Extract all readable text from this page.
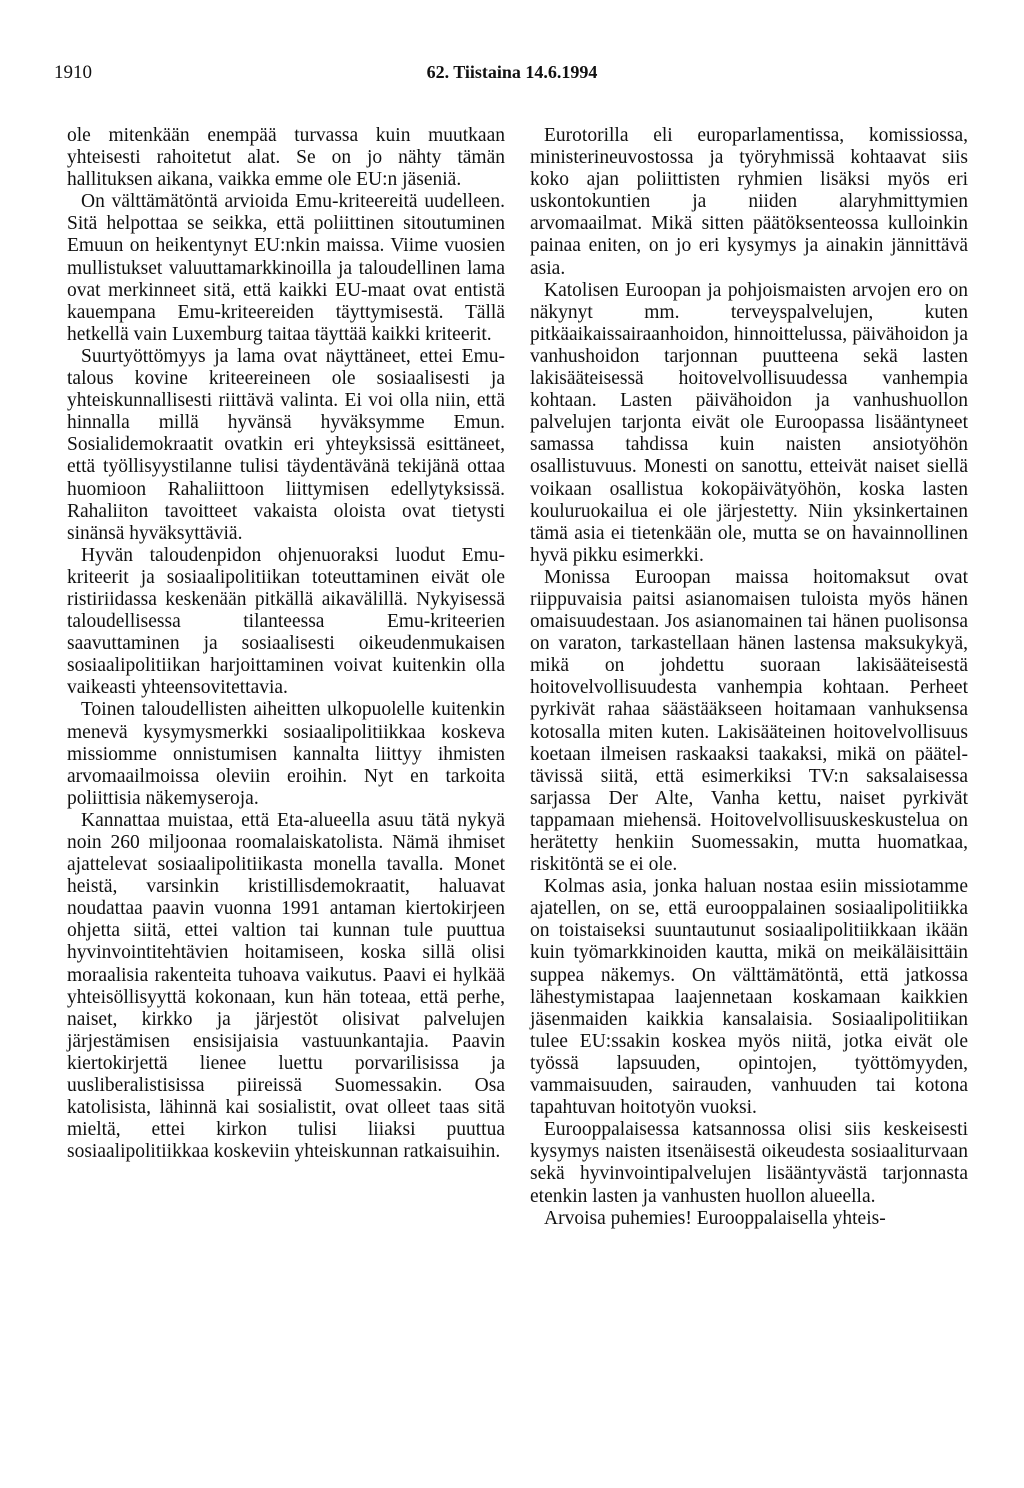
1910	62. Tiistaina 14.6.1994

ole mitenkään enempää turvassa kuin muutkaan yhteisesti rahoitetut alat. Se on jo nähty tämän hallituksen aikana, vaikka emme ole EU:n jäseniä.

On välttämätöntä arvioida Emu-kriteereitä uudelleen. Sitä helpottaa se seikka, että poliittinen sitoutuminen Emuun on heikentynyt EU:nkin maissa. Viime vuosien mullistukset valuuttamarkkinoilla ja taloudellinen lama ovat merkinneet sitä, että kaikki EU-maat ovat entistä kauempana Emu-kriteereiden täyttymisestä. Tällä hetkellä vain Luxemburg taitaa täyttää kaikki kriteerit.

Suurtyöttömyys ja lama ovat näyttäneet, ettei Emu-talous kovine kriteereineen ole sosiaalisesti ja yhteiskunnallisesti riittävä valinta. Ei voi olla niin, että hinnalla millä hyvänsä hyväksymme Emun. Sosialidemokraatit ovatkin eri yhteyksissä esittäneet, että työllisyystilanne tulisi täydentävänä tekijänä ottaa huomioon Rahaliittoon liittymisen edellytyksissä. Rahaliiton tavoitteet vakaista oloista ovat tietysti sinänsä hyväksyttäviä.

Hyvän taloudenpidon ohjenuoraksi luodut Emu-kriteerit ja sosiaalipolitiikan toteuttaminen eivät ole ristiriidassa keskenään pitkällä aikavälillä. Nykyisessä taloudellisessa tilanteessa Emu-kriteerien saavuttaminen ja sosiaalisesti oikeudenmukaisen sosiaalipolitiikan harjoittaminen voivat kuitenkin olla vaikeasti yhteensovitettavia.

Toinen taloudellisten aiheitten ulkopuolelle kuitenkin menevä kysymysmerkki sosiaalipolitiikkaa koskeva missiomme onnistumisen kannalta liittyy ihmisten arvomaailmoissa oleviin eroihin. Nyt en tarkoita poliittisia näkemyseroja.

Kannattaa muistaa, että Eta-alueella asuu tätä nykyä noin 260 miljoonaa roomalaiskatolista. Nämä ihmiset ajattelevat sosiaalipolitiikasta monella tavalla. Monet heistä, varsinkin kristillisdemokraatit, haluavat noudattaa paavin vuonna 1991 antaman kiertokirjeen ohjetta siitä, ettei valtion tai kunnan tule puuttua hyvinvointitehtävien hoitamiseen, koska sillä olisi moraalisia rakenteita tuhoava vaikutus. Paavi ei hylkää yhteisöllisyyttä kokonaan, kun hän toteaa, että perhe, naiset, kirkko ja järjestöt olisivat palvelujen järjestämisen ensisijaisia vastuunkantajia. Paavin kiertokirjettä lienee luettu porvarilisissa ja uusliberalistisissa piireissä Suomessakin. Osa katolisista, lähinnä kai sosialistit, ovat olleet taas sitä mieltä, ettei kirkon tulisi liiaksi puuttua sosiaalipolitiikkaa koskeviin yhteiskunnan ratkaisuihin.

Eurotorilla eli europarlamentissa, komissiossa, ministerineuvostossa ja työryhmissä kohtaavat siis koko ajan poliittisten ryhmien lisäksi myös eri uskontokuntien ja niiden alaryhmittymien arvomaailmat. Mikä sitten päätöksenteossa kulloinkin painaa eniten, on jo eri kysymys ja ainakin jännittävä asia.

Katolisen Euroopan ja pohjoismaisten arvojen ero on näkynyt mm. terveyspalvelujen, kuten pitkäaikaissairaanhoidon, hinnoittelussa, päivähoidon ja vanhushoidon tarjonnan puutteena sekä lasten lakisääteisessä hoitovelvollisuudessa vanhempia kohtaan. Lasten päivähoidon ja vanhushuollon palvelujen tarjonta eivät ole Euroopassa lisääntyneet samassa tahdissa kuin naisten ansiotyöhön osallistuvuus. Monesti on sanottu, etteivät naiset siellä voikaan osallistua kokopäivätyöhön, koska lasten kouluruokailua ei ole järjestetty. Niin yksinkertainen tämä asia ei tietenkään ole, mutta se on havainnollinen hyvä pikku esimerkki.

Monissa Euroopan maissa hoitomaksut ovat riippuvaisia paitsi asianomaisen tuloista myös hänen omaisuudestaan. Jos asianomainen tai hänen puolisonsa on varaton, tarkastellaan hänen lastensa maksukykyä, mikä on johdettu suoraan lakisääteisestä hoitovelvollisuudesta vanhempia kohtaan. Perheet pyrkivät rahaa säästääkseen hoitamaan vanhuksensa kotosalla miten kuten. Lakisääteinen hoitovelvollisuus koetaan ilmeisen raskaaksi taakaksi, mikä on pääteltävissä siitä, että esimerkiksi TV:n saksalaisessa sarjassa Der Alte, Vanha kettu, naiset pyrkivät tappamaan miehensä. Hoitovelvollisuuskeskustelua on herätetty henkiin Suomessakin, mutta huomatkaa, riskitöntä se ei ole.

Kolmas asia, jonka haluan nostaa esiin missiotamme ajatellen, on se, että eurooppalainen sosiaalipolitiikka on toistaiseksi suuntautunut sosiaalipolitiikkaan ikään kuin työmarkkinoiden kautta, mikä on meikäläisittäin suppea näkemys. On välttämätöntä, että jatkossa lähestymistapaa laajennetaan koskamaan kaikkien jäsenmaiden kaikkia kansalaisia. Sosiaalipolitiikan tulee EU:ssakin koskea myös niitä, jotka eivät ole työssä lapsuuden, opintojen, työttömyyden, vammaisuuden, sairauden, vanhuuden tai kotona tapahtuvan hoitotyön vuoksi.

Eurooppalaisessa katsannossa olisi siis keskeisesti kysymys naisten itsenäisestä oikeudesta sosiaaliturvaan sekä hyvinvointipalvelujen lisääntyvästä tarjonnasta etenkin lasten ja vanhusten huollon alueella.

Arvoisa puhemies! Eurooppalaisella yhteis-
